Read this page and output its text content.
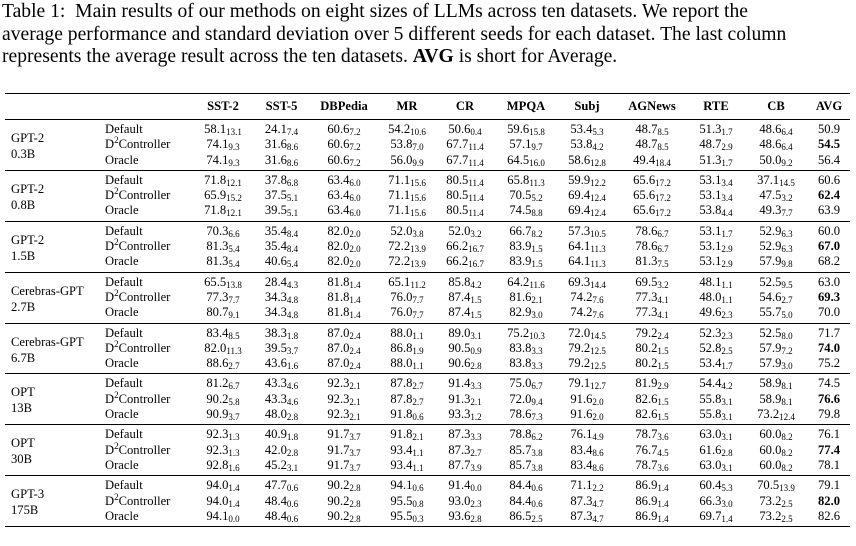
Table 1: Main results of our methods on eight sizes of LLMs across ten datasets. We report the
average performance and standard deviation over 5 different seeds for each dataset. The last column
represents the average result across the ten datasets. AVG is short for Average.
		SST-2	SST-5	DBPedia	MR	CR	MPQA	Subj	AGNews	RTE	CB	AVG

GPT-2
0.3B	Default	$58.1_{13.1}$	$24.1_{7.4}$	$60.6_{7.2}$	$54.2_{10.6}$	$50.6_{0.4}$	$59.6_{15.8}$	$53.4_{5.3}$	$48.7_{8.5}$	$51.3_{1.7}$	$48.6_{6.4}$	50.9
	$D^2Controller$	$74.1_{9.3}$	$31.6_{8.6}$	$60.6_{7.2}$	$53.8_{7.0}$	$67.7_{11.4}$	$57.1_{9.7}$	$53.8_{4.2}$	$48.7_{8.5}$	$48.7_{2.9}$	$48.6_{6.4}$	54.5
	Oracle	$74.1_{9.3}$	$31.6_{8.6}$	$60.6_{7.2}$	$56.0_{9.9}$	$67.7_{11.4}$	$64.5_{16.0}$	$58.6_{12.8}$	$49.4_{18.4}$	$51.3_{1.7}$	$50.0_{9.2}$	56.4

GPT-2
0.8B	Default	$71.8_{12.1}$	$37.8_{6.8}$	$63.4_{6.0}$	$71.1_{15.6}$	$80.5_{11.4}$	$65.8_{11.3}$	$59.9_{12.2}$	$65.6_{17.2}$	$53.1_{3.4}$	$37.1_{14.5}$	60.6
	$D^2Controller$	$65.9_{15.2}$	$37.5_{5.1}$	$63.4_{6.0}$	$71.1_{15.6}$	$80.5_{11.4}$	$70.5_{5.2}$	$69.4_{12.4}$	$65.6_{17.2}$	$53.1_{3.4}$	$47.5_{3.2}$	62.4
	Oracle	$71.8_{12.1}$	$39.5_{5.1}$	$63.4_{6.0}$	$71.1_{15.6}$	$80.5_{11.4}$	$74.5_{8.8}$	$69.4_{12.4}$	$65.6_{17.2}$	$53.8_{4.4}$	$49.3_{7.7}$	63.9

GPT-2
1.5B	Default	$70.3_{6.6}$	$35.4_{8.4}$	$82.0_{2.0}$	$52.0_{3.8}$	$52.0_{3.2}$	$66.7_{8.2}$	$57.3_{10.5}$	$78.6_{6.7}$	$53.1_{1.7}$	$52.9_{6.3}$	60.0
	$D^2Controller$	$81.3_{5.4}$	$35.4_{8.4}$	$82.0_{2.0}$	$72.2_{13.9}$	$66.2_{16.7}$	$83.9_{1.5}$	$64.1_{11.3}$	$78.6_{6.7}$	$53.1_{2.9}$	$52.9_{6.3}$	67.0
	Oracle	$81.3_{5.4}$	$40.6_{5.4}$	$82.0_{2.0}$	$72.2_{13.9}$	$66.2_{16.7}$	$83.9_{1.5}$	$64.1_{11.3}$	$81.3_{7.5}$	$53.1_{2.9}$	$57.9_{9.8}$	68.2

Cerebras-GPT
2.7B	Default	$65.5_{13.8}$	$28.4_{4.3}$	$81.8_{1.4}$	$65.1_{11.2}$	$85.8_{4.2}$	$64.2_{11.6}$	$69.3_{14.4}$	$69.5_{3.2}$	$48.1_{1.1}$	$52.5_{9.5}$	63.0
	$D^2Controller$	$77.3_{7.7}$	$34.3_{4.8}$	$81.8_{1.4}$	$76.0_{7.7}$	$87.4_{1.5}$	$81.6_{2.1}$	$74.2_{7.6}$	$77.3_{4.1}$	$48.0_{1.1}$	$54.6_{2.7}$	69.3
	Oracle	$80.7_{9.1}$	$34.3_{4.8}$	$81.8_{1.4}$	$76.0_{7.7}$	$87.4_{1.5}$	$82.9_{3.0}$	$74.2_{7.6}$	$77.3_{4.1}$	$49.6_{2.3}$	$55.7_{5.0}$	70.0

Cerebras-GPT
6.7B	Default	$83.4_{8.5}$	$38.3_{1.8}$	$87.0_{2.4}$	$88.0_{1.1}$	$89.0_{3.1}$	$75.2_{10.3}$	$72.0_{14.5}$	$79.2_{2.4}$	$52.3_{2.3}$	$52.5_{8.0}$	71.7
	$D^2Controller$	$82.0_{11.3}$	$39.5_{3.7}$	$87.0_{2.4}$	$86.8_{1.9}$	$90.5_{0.9}$	$83.8_{3.3}$	$79.2_{12.5}$	$80.2_{1.5}$	$52.8_{2.5}$	$57.9_{7.2}$	74.0
	Oracle	$88.6_{2.7}$	$43.6_{1.6}$	$87.0_{2.4}$	$88.0_{1.1}$	$90.6_{2.8}$	$83.8_{3.3}$	$79.2_{12.5}$	$80.2_{1.5}$	$53.4_{1.7}$	$57.9_{3.0}$	75.2

OPT
13B	Default	$81.2_{6.7}$	$43.3_{4.6}$	$92.3_{2.1}$	$87.8_{2.7}$	$91.4_{3.3}$	$75.0_{6.7}$	$79.1_{12.7}$	$81.9_{2.9}$	$54.4_{4.2}$	$58.9_{8.1}$	74.5
	$D^2Controller$	$90.2_{5.8}$	$43.3_{4.6}$	$92.3_{2.1}$	$87.8_{2.7}$	$91.3_{2.1}$	$72.0_{9.4}$	$91.6_{2.0}$	$82.6_{1.5}$	$55.8_{3.1}$	$58.9_{8.1}$	76.6
	Oracle	$90.9_{3.7}$	$48.0_{2.8}$	$92.3_{2.1}$	$91.8_{0.6}$	$93.3_{1.2}$	$78.6_{7.3}$	$91.6_{2.0}$	$82.6_{1.5}$	$55.8_{3.1}$	$73.2_{12.4}$	79.8

OPT
30B	Default	$92.3_{1.3}$	$40.9_{1.8}$	$91.7_{3.7}$	$91.8_{2.1}$	$87.3_{3.3}$	$78.8_{6.2}$	$76.1_{4.9}$	$78.7_{3.6}$	$63.0_{3.1}$	$60.0_{8.2}$	76.1
	$D^2Controller$	$92.3_{1.3}$	$42.0_{2.8}$	$91.7_{3.7}$	$93.4_{1.1}$	$87.3_{2.7}$	$85.7_{3.8}$	$83.4_{8.6}$	$76.7_{4.5}$	$61.6_{2.8}$	$60.0_{8.2}$	77.4
	Oracle	$92.8_{1.6}$	$45.2_{3.1}$	$91.7_{3.7}$	$93.4_{1.1}$	$87.7_{3.9}$	$85.7_{3.8}$	$83.4_{8.6}$	$78.7_{3.6}$	$63.0_{3.1}$	$60.0_{8.2}$	78.1

GPT-3
175B	Default	$94.0_{1.4}$	$47.7_{0.6}$	$90.2_{2.8}$	$94.1_{0.6}$	$91.4_{0.0}$	$84.4_{0.6}$	$71.1_{2.2}$	$86.9_{1.4}$	$60.4_{5.3}$	$70.5_{13.9}$	79.1
	$D^2Controller$	$94.0_{1.4}$	$48.4_{0.6}$	$90.2_{2.8}$	$95.5_{0.8}$	$93.0_{2.3}$	$84.4_{0.6}$	$87.3_{4.7}$	$86.9_{1.4}$	$66.3_{3.0}$	$73.2_{2.5}$	82.0
	Oracle	$94.1_{0.0}$	$48.4_{0.6}$	$90.2_{2.8}$	$95.5_{0.3}$	$93.6_{2.8}$	$86.5_{2.5}$	$87.3_{4.7}$	$86.9_{1.4}$	$69.7_{1.4}$	$73.2_{2.5}$	82.6
